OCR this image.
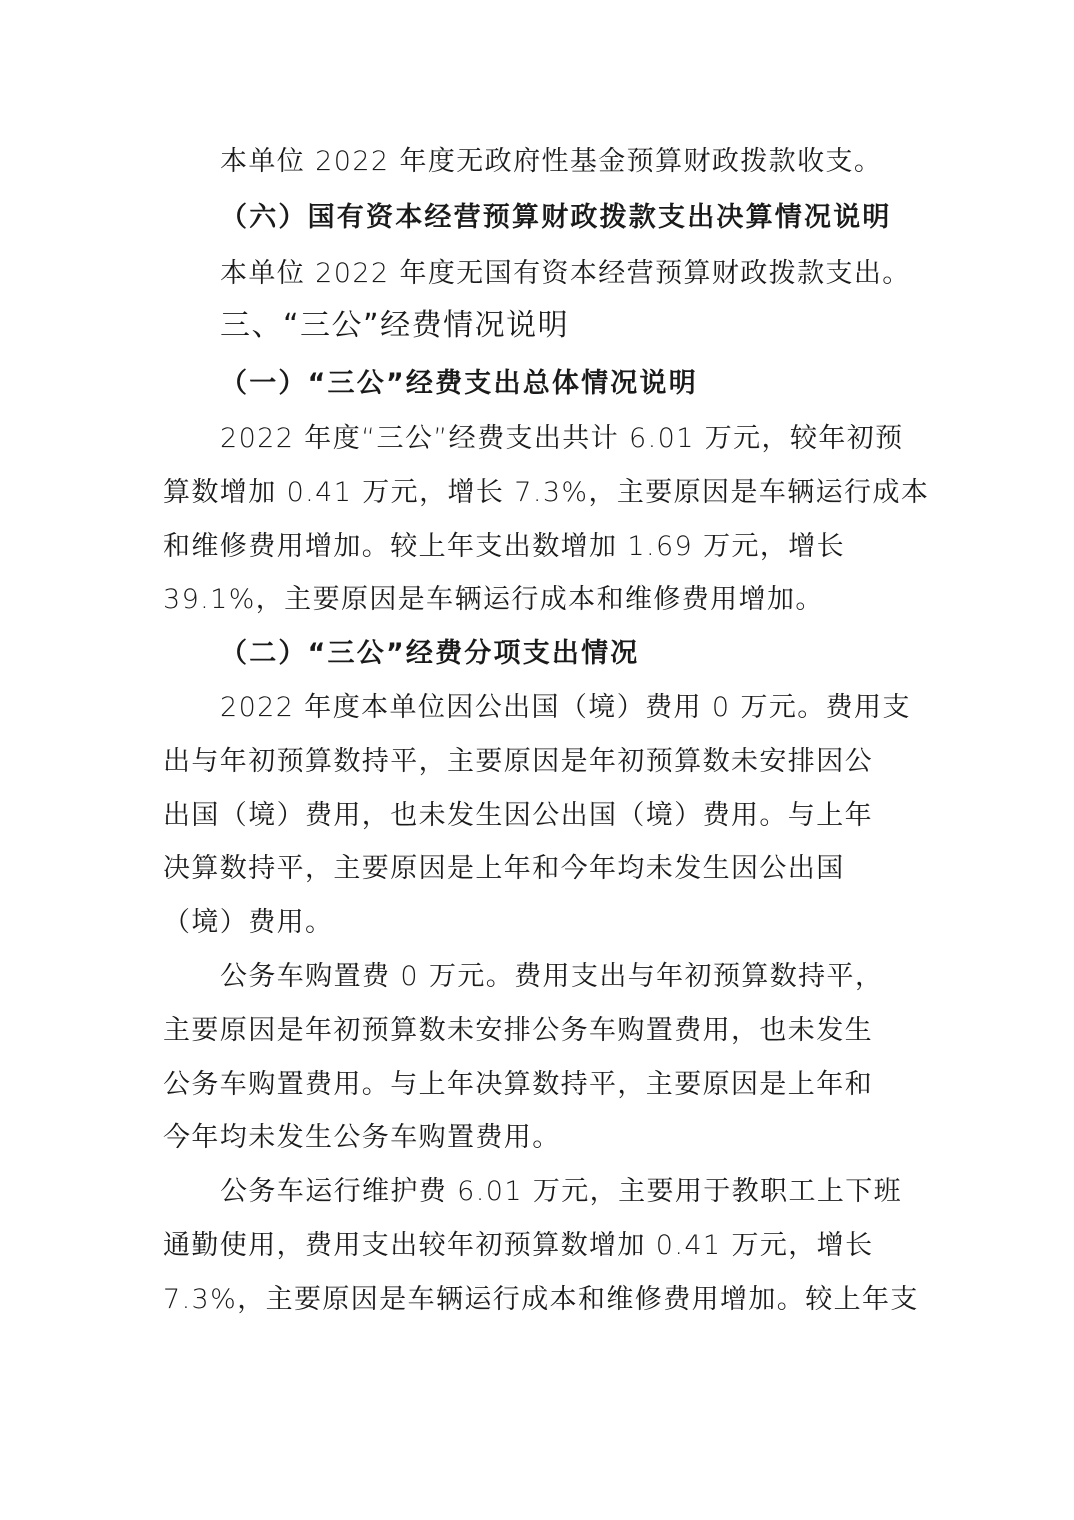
本单位 2022 年度无政府性基金预算财政拨款收支。
（六）国有资本经营预算财政拨款支出决算情况说明
本单位 2022 年度无国有资本经营预算财政拨款支出。
三、“三公”经费情况说明
（一）“三公”经费支出总体情况说明
2022 年度“三公”经费支出共计 6.01 万元，较年初预
算数增加 0.41 万元，增长 7.3%，主要原因是车辆运行成本
和维修费用增加。较上年支出数增加 1.69 万元，增长
39.1%，主要原因是车辆运行成本和维修费用增加。
（二）“三公”经费分项支出情况
2022 年度本单位因公出国（境）费用 0 万元。费用支
出与年初预算数持平，主要原因是年初预算数未安排因公
出国（境）费用，也未发生因公出国（境）费用。与上年
决算数持平，主要原因是上年和今年均未发生因公出国
（境）费用。
公务车购置费 0 万元。费用支出与年初预算数持平，
主要原因是年初预算数未安排公务车购置费用，也未发生
公务车购置费用。与上年决算数持平，主要原因是上年和
今年均未发生公务车购置费用。
公务车运行维护费 6.01 万元，主要用于教职工上下班
通勤使用，费用支出较年初预算数增加 0.41 万元，增长
7.3%，主要原因是车辆运行成本和维修费用增加。较上年支
